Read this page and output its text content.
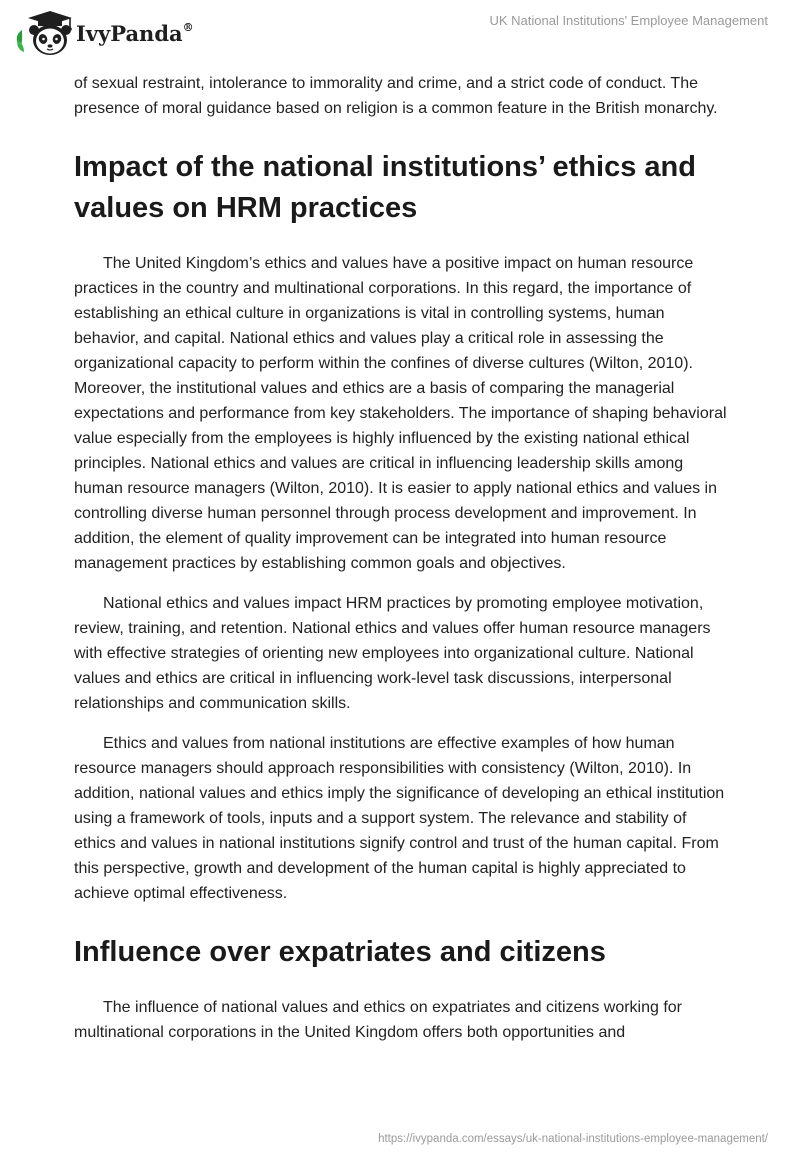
IvyPanda®	UK National Institutions' Employee Management

of sexual restraint, intolerance to immorality and crime, and a strict code of conduct. The presence of moral guidance based on religion is a common feature in the British monarchy.

Impact of the national institutions’ ethics and values on HRM practices

The United Kingdom’s ethics and values have a positive impact on human resource practices in the country and multinational corporations. In this regard, the importance of establishing an ethical culture in organizations is vital in controlling systems, human behavior, and capital. National ethics and values play a critical role in assessing the organizational capacity to perform within the confines of diverse cultures (Wilton, 2010). Moreover, the institutional values and ethics are a basis of comparing the managerial expectations and performance from key stakeholders. The importance of shaping behavioral value especially from the employees is highly influenced by the existing national ethical principles. National ethics and values are critical in influencing leadership skills among human resource managers (Wilton, 2010). It is easier to apply national ethics and values in controlling diverse human personnel through process development and improvement. In addition, the element of quality improvement can be integrated into human resource management practices by establishing common goals and objectives.

National ethics and values impact HRM practices by promoting employee motivation, review, training, and retention. National ethics and values offer human resource managers with effective strategies of orienting new employees into organizational culture. National values and ethics are critical in influencing work-level task discussions, interpersonal relationships and communication skills.

Ethics and values from national institutions are effective examples of how human resource managers should approach responsibilities with consistency (Wilton, 2010). In addition, national values and ethics imply the significance of developing an ethical institution using a framework of tools, inputs and a support system. The relevance and stability of ethics and values in national institutions signify control and trust of the human capital. From this perspective, growth and development of the human capital is highly appreciated to achieve optimal effectiveness.

Influence over expatriates and citizens

The influence of national values and ethics on expatriates and citizens working for multinational corporations in the United Kingdom offers both opportunities and

https://ivypanda.com/essays/uk-national-institutions-employee-management/
